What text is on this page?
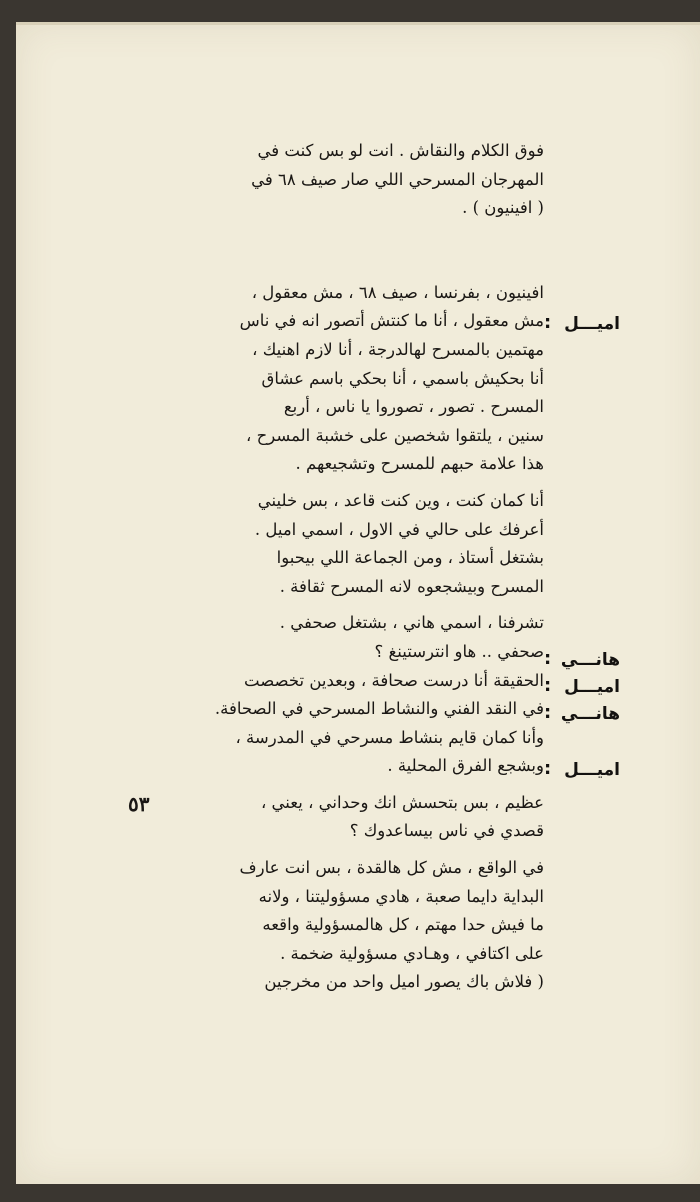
اميـــل
:
هانـــي
:
اميـــل
:
هانـــي
:
اميـــل
:
فوق الكلام والنقاش . انت لو بس كنت في
المهرجان المسرحي اللي صار صيف ٦٨ في
( افينيون ) .
افينيون ، بفرنسا ، صيف ٦٨ ، مش معقول ،
مش معقول ، أنا ما كنتش أتصور انه في ناس
مهتمين بالمسرح لهالدرجة ، أنا لازم اهنيك ،
أنا بحكيش باسمي ، أنا بحكي باسم عشاق
المسرح . تصور ، تصوروا يا ناس ، أربع
سنين ، يلتقوا شخصين على خشبة المسرح ،
هذا علامة حبهم للمسرح وتشجيعهم .
أنا كمان كنت ، وين كنت قاعد ، بس خليني
أعرفك على حالي في الاول ، اسمي اميل .
بشتغل أستاذ ، ومن الجماعة اللي بيحبوا
المسرح وبيشجعوه لانه المسرح ثقافة .
تشرفنا ، اسمي هاني ، بشتغل صحفي .
صحفي .. هاو انترستينغ ؟
الحقيقة أنا درست صحافة ، وبعدين تخصصت
في النقد الفني والنشاط المسرحي في الصحافة.
وأنا كمان قايم بنشاط مسرحي في المدرسة ،
وبشجع الفرق المحلية .
عظيم ، بس بتحسش انك وحداني ، يعني ،
قصدي في ناس بيساعدوك ؟
في الواقع ، مش كل هالقدة ، بس انت عارف
البداية دايما صعبة ، هادي مسؤوليتنا ، ولانه
ما فيش حدا مهتم ، كل هالمسؤولية واقعه
على اكتافي ، وهـادي مسؤولية ضخمة .
( فلاش باك يصور اميل واحد من مخرجين
٥٣
